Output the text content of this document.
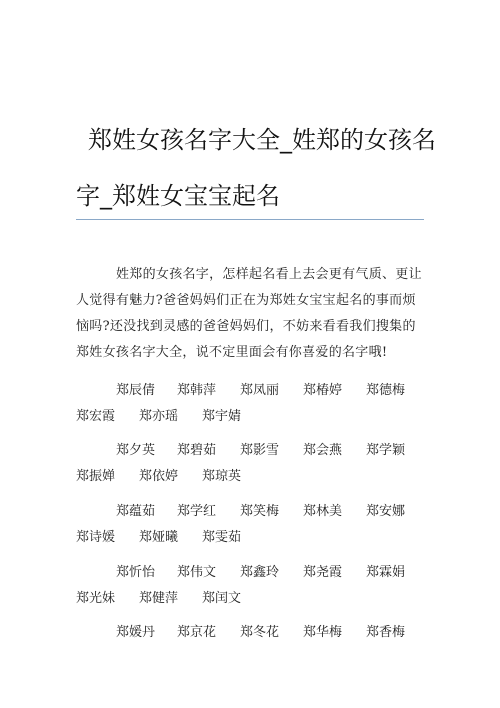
郑姓女孩名字大全_姓郑的女孩名字_郑姓女宝宝起名
姓郑的女孩名字，怎样起名看上去会更有气质、更让人觉得有魅力?爸爸妈妈们正在为郑姓女宝宝起名的事而烦恼吗?还没找到灵感的爸爸妈妈们，不妨来看看我们搜集的郑姓女孩名字大全，说不定里面会有你喜爱的名字哦!
郑辰倩 郑韩萍 郑凤丽 郑椿婷 郑德梅
郑宏霞 郑亦瑶 郑宇婧
郑夕英 郑碧茹 郑影雪 郑会燕 郑学颖
郑振婵 郑依婷 郑琼英
郑蕴茹 郑学红 郑笑梅 郑林美 郑安娜
郑诗媛 郑娅曦 郑雯茹
郑忻怡 郑伟文 郑鑫玲 郑尧霞 郑霖娟
郑光妹 郑健萍 郑闰文
郑媛丹 郑京花 郑冬花 郑华梅 郑香梅
